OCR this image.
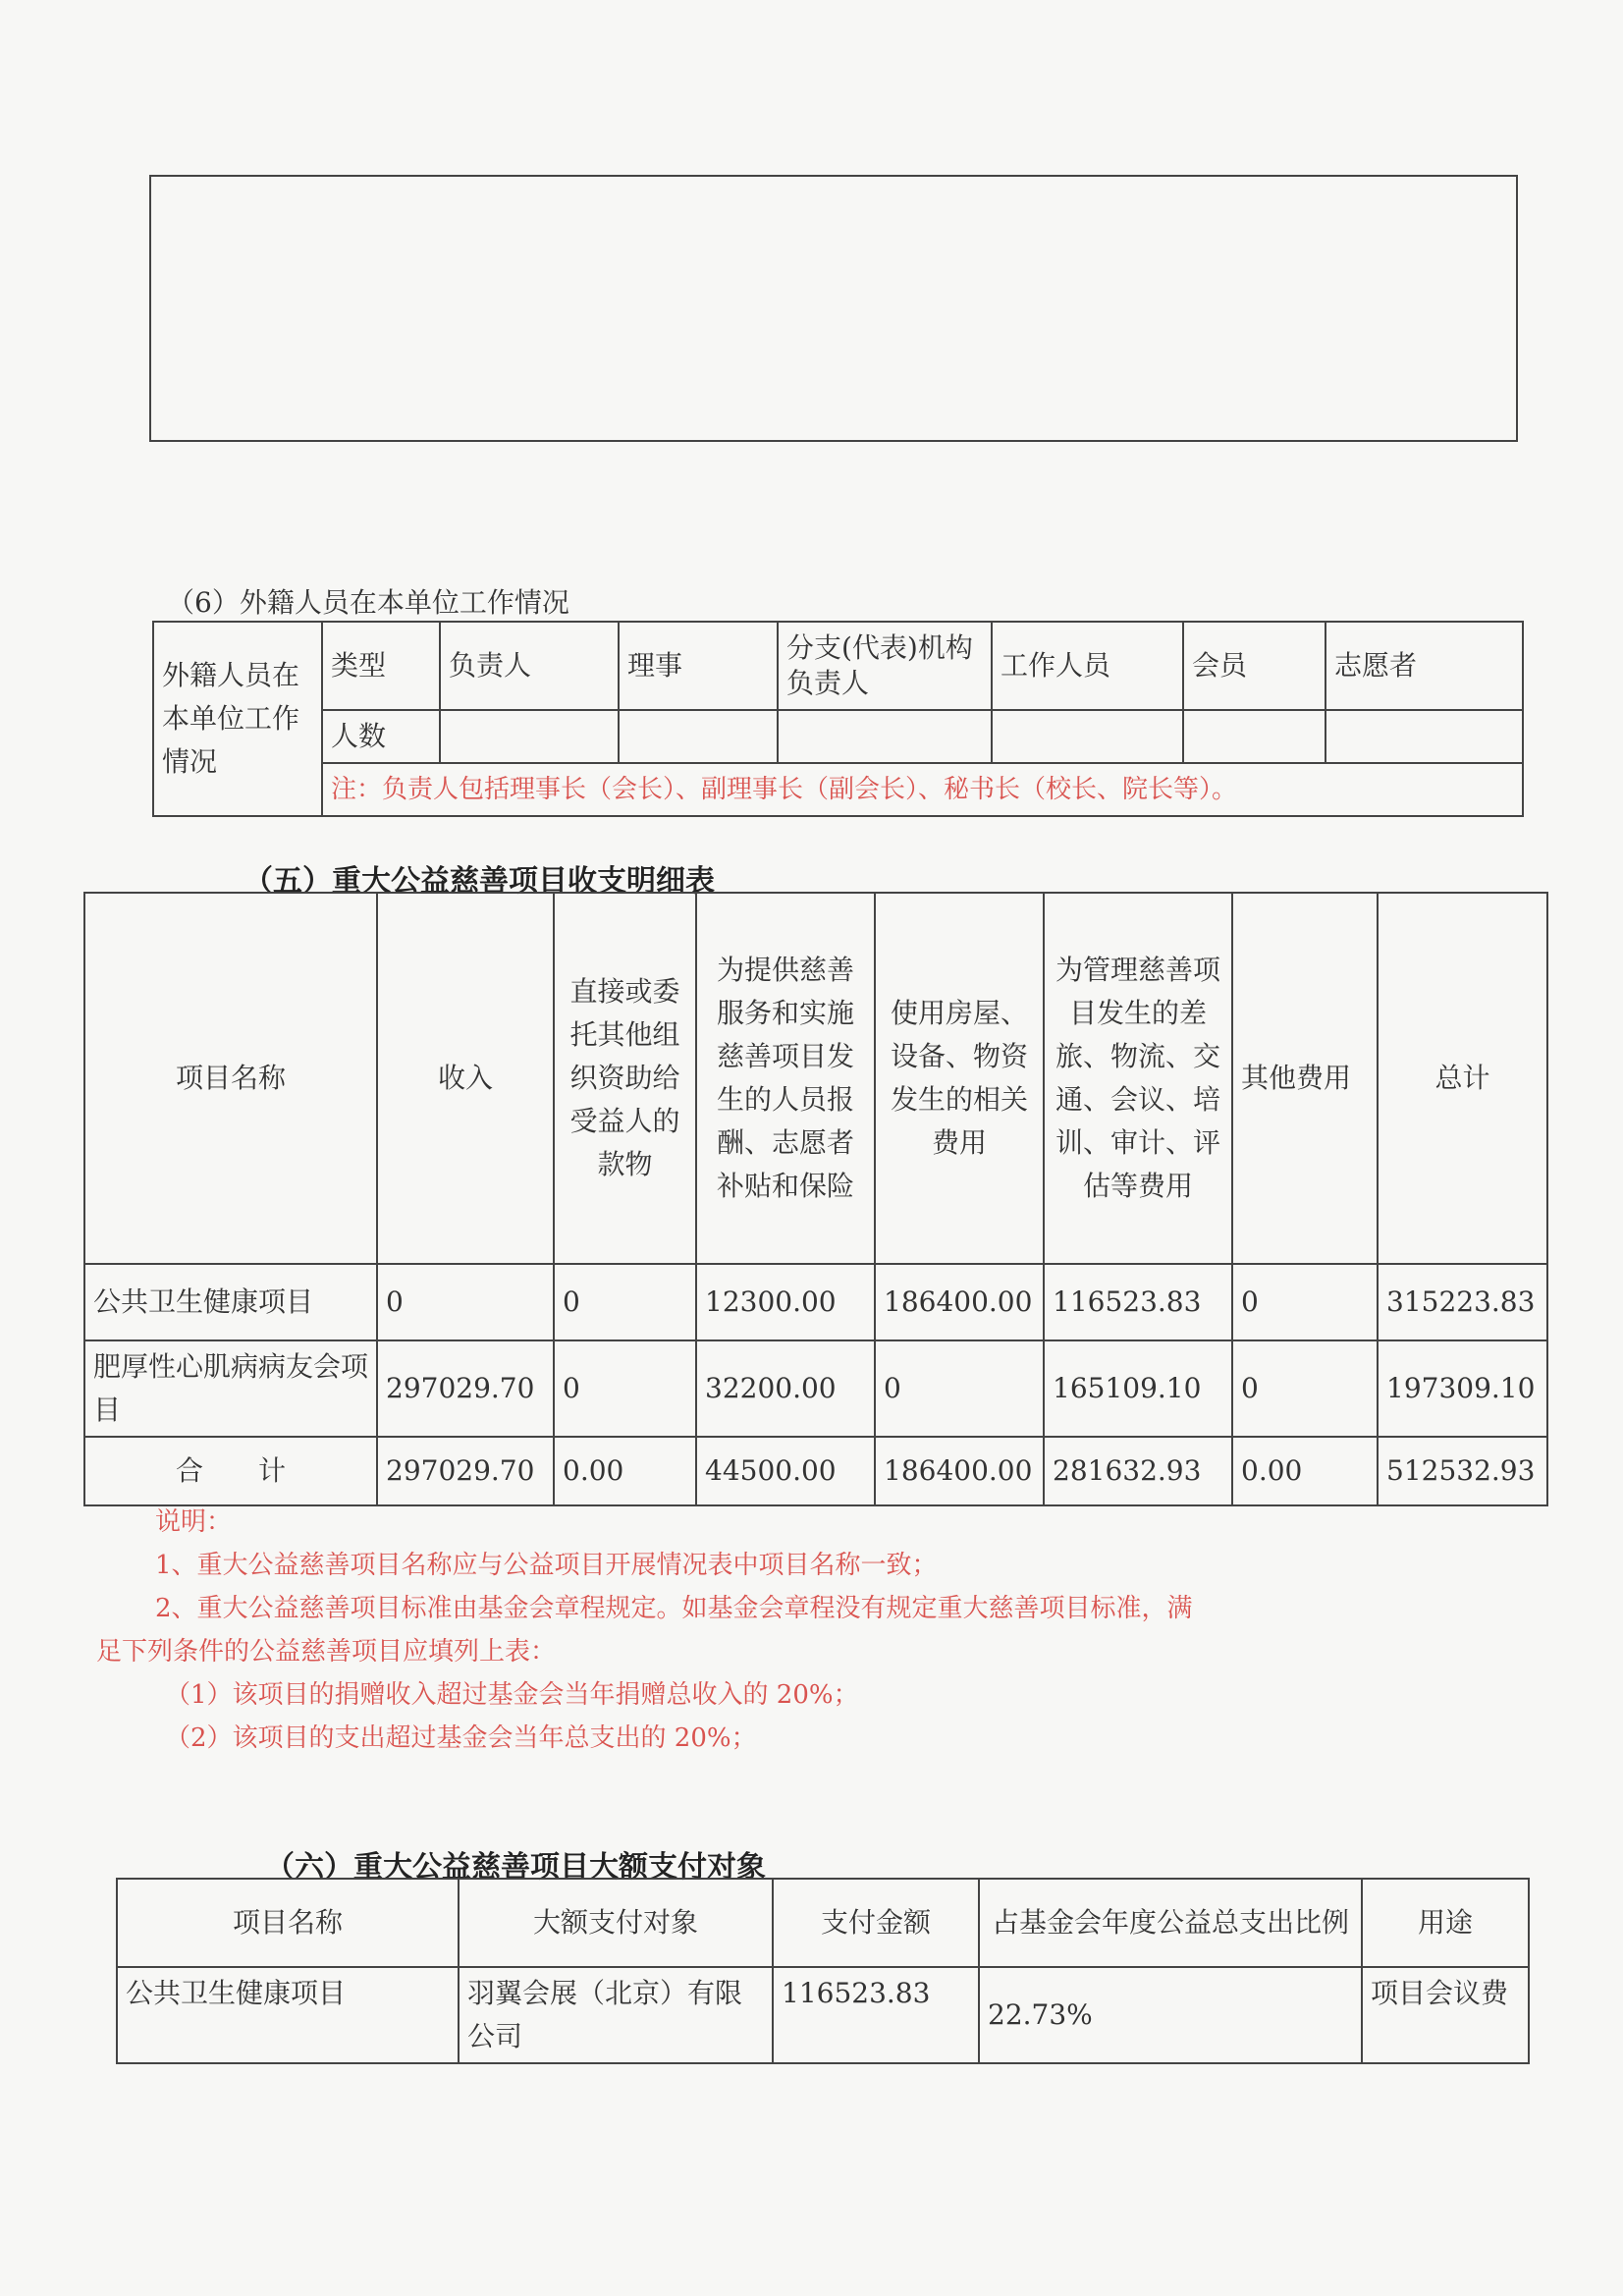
（6）外籍人员在本单位工作情况
外籍人员在本单位工作情况	类型	负责人	理事	分支(代表)机构负责人	工作人员	会员	志愿者
	人数						
	注：负责人包括理事长（会长）、副理事长（副会长）、秘书长（校长、院长等）。						
（五）重大公益慈善项目收支明细表
项目名称	收入	直接或委托其他组织资助给受益人的款物	为提供慈善服务和实施慈善项目发生的人员报酬、志愿者补贴和保险	使用房屋、设备、物资发生的相关费用	为管理慈善项目发生的差旅、物流、交通、会议、培训、审计、评估等费用	其他费用	总计
公共卫生健康项目	0	0	12300.00	186400.00	116523.83	0	315223.83
肥厚性心肌病病友会项目	297029.70	0	32200.00	0	165109.10	0	197309.10
合　　计	297029.70	0.00	44500.00	186400.00	281632.93	0.00	512532.93
说明：
1、重大公益慈善项目名称应与公益项目开展情况表中项目名称一致；
2、重大公益慈善项目标准由基金会章程规定。如基金会章程没有规定重大慈善项目标准，满
足下列条件的公益慈善项目应填列上表：
（1）该项目的捐赠收入超过基金会当年捐赠总收入的 20%；
（2）该项目的支出超过基金会当年总支出的 20%；
（六）重大公益慈善项目大额支付对象
项目名称	大额支付对象	支付金额	占基金会年度公益总支出比例	用途
公共卫生健康项目	羽翼会展（北京）有限公司	116523.83	22.73%	项目会议费
